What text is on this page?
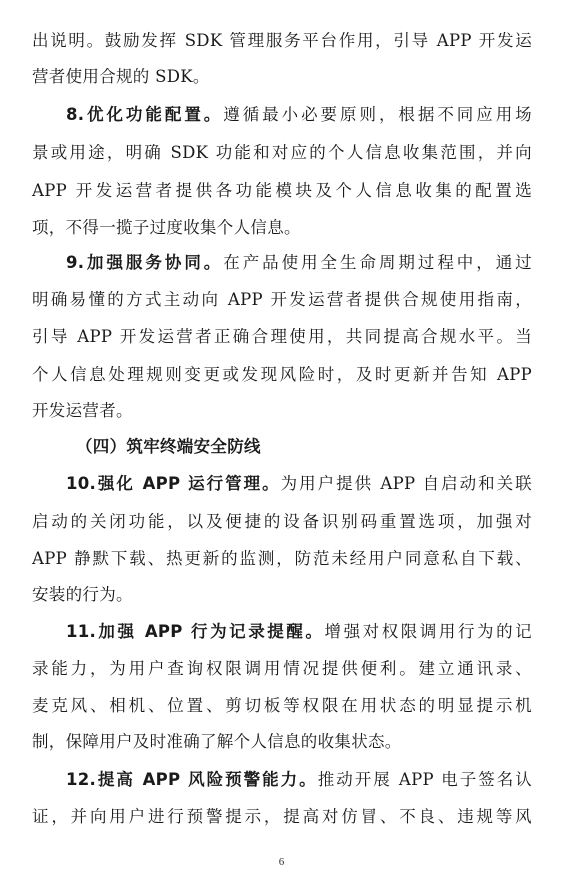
出说明。鼓励发挥 SDK 管理服务平台作用，引导 APP 开发运
营者使用合规的 SDK。
8.优化功能配置。遵循最小必要原则，根据不同应用场
景或用途，明确 SDK 功能和对应的个人信息收集范围，并向
APP 开发运营者提供各功能模块及个人信息收集的配置选
项，不得一揽子过度收集个人信息。
9.加强服务协同。在产品使用全生命周期过程中，通过
明确易懂的方式主动向 APP 开发运营者提供合规使用指南，
引导 APP 开发运营者正确合理使用，共同提高合规水平。当
个人信息处理规则变更或发现风险时，及时更新并告知 APP
开发运营者。
（四）筑牢终端安全防线
10.强化 APP 运行管理。为用户提供 APP 自启动和关联
启动的关闭功能，以及便捷的设备识别码重置选项，加强对
APP 静默下载、热更新的监测，防范未经用户同意私自下载、
安装的行为。
11.加强 APP 行为记录提醒。增强对权限调用行为的记
录能力，为用户查询权限调用情况提供便利。建立通讯录、
麦克风、相机、位置、剪切板等权限在用状态的明显提示机
制，保障用户及时准确了解个人信息的收集状态。
12.提高 APP 风险预警能力。推动开展 APP 电子签名认
证，并向用户进行预警提示，提高对仿冒、不良、违规等风
6
